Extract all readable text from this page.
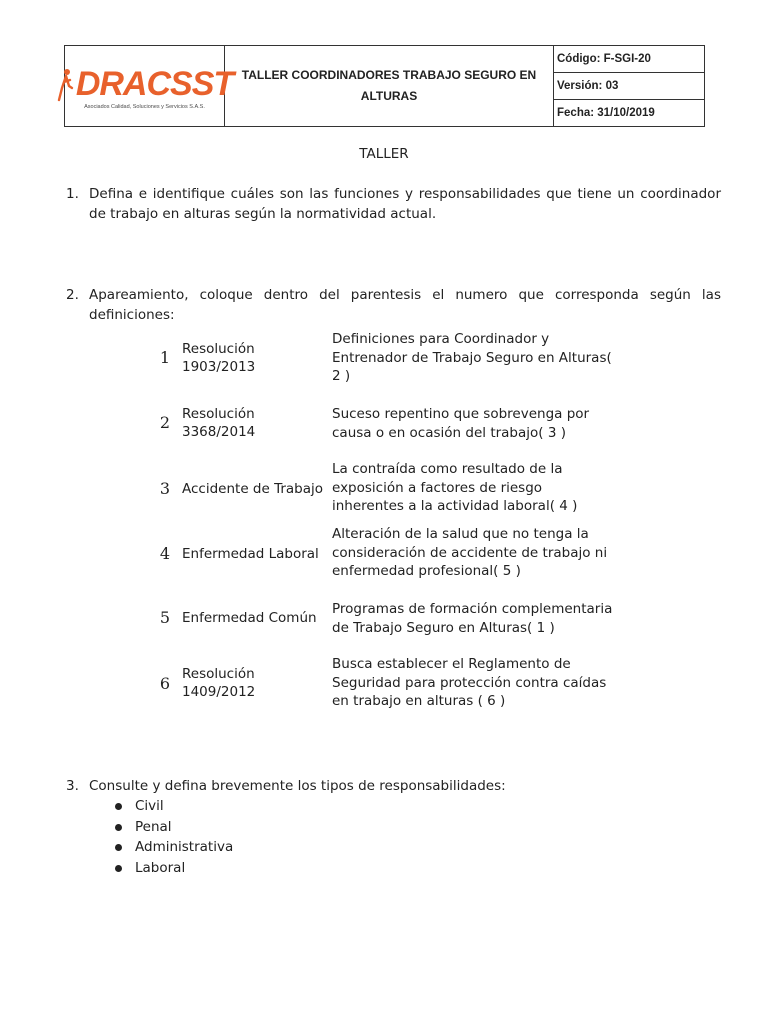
DRACSST
Asociados Calidad, Soluciones y Servicios S.A.S.
TALLER COORDINADORES TRABAJO SEGURO EN ALTURAS
Código: F-SGI-20
Versión: 03
Fecha: 31/10/2019
TALLER
1. Defina e identifique cuáles son las funciones y responsabilidades que tiene un coordinador de trabajo en alturas según la normatividad actual.
2. Apareamiento, coloque dentro del parentesis el numero que corresponda según las definiciones:
1 Resolución
1903/2013
Definiciones para Coordinador y Entrenador de Trabajo Seguro en Alturas( 2 )
2 Resolución
3368/2014
Suceso repentino que sobrevenga por causa o en ocasión del trabajo( 3 )
3 Accidente de Trabajo
La contraída como resultado de la exposición a factores de riesgo inherentes a la actividad laboral( 4 )
4 Enfermedad Laboral
Alteración de la salud que no tenga la consideración de accidente de trabajo ni enfermedad profesional( 5 )
5 Enfermedad Común
Programas de formación complementaria de Trabajo Seguro en Alturas( 1 )
6 Resolución
1409/2012
Busca establecer el Reglamento de Seguridad para protección contra caídas en trabajo en alturas ( 6 )
3. Consulte y defina brevemente los tipos de responsabilidades:
Civil
Penal
Administrativa
Laboral
